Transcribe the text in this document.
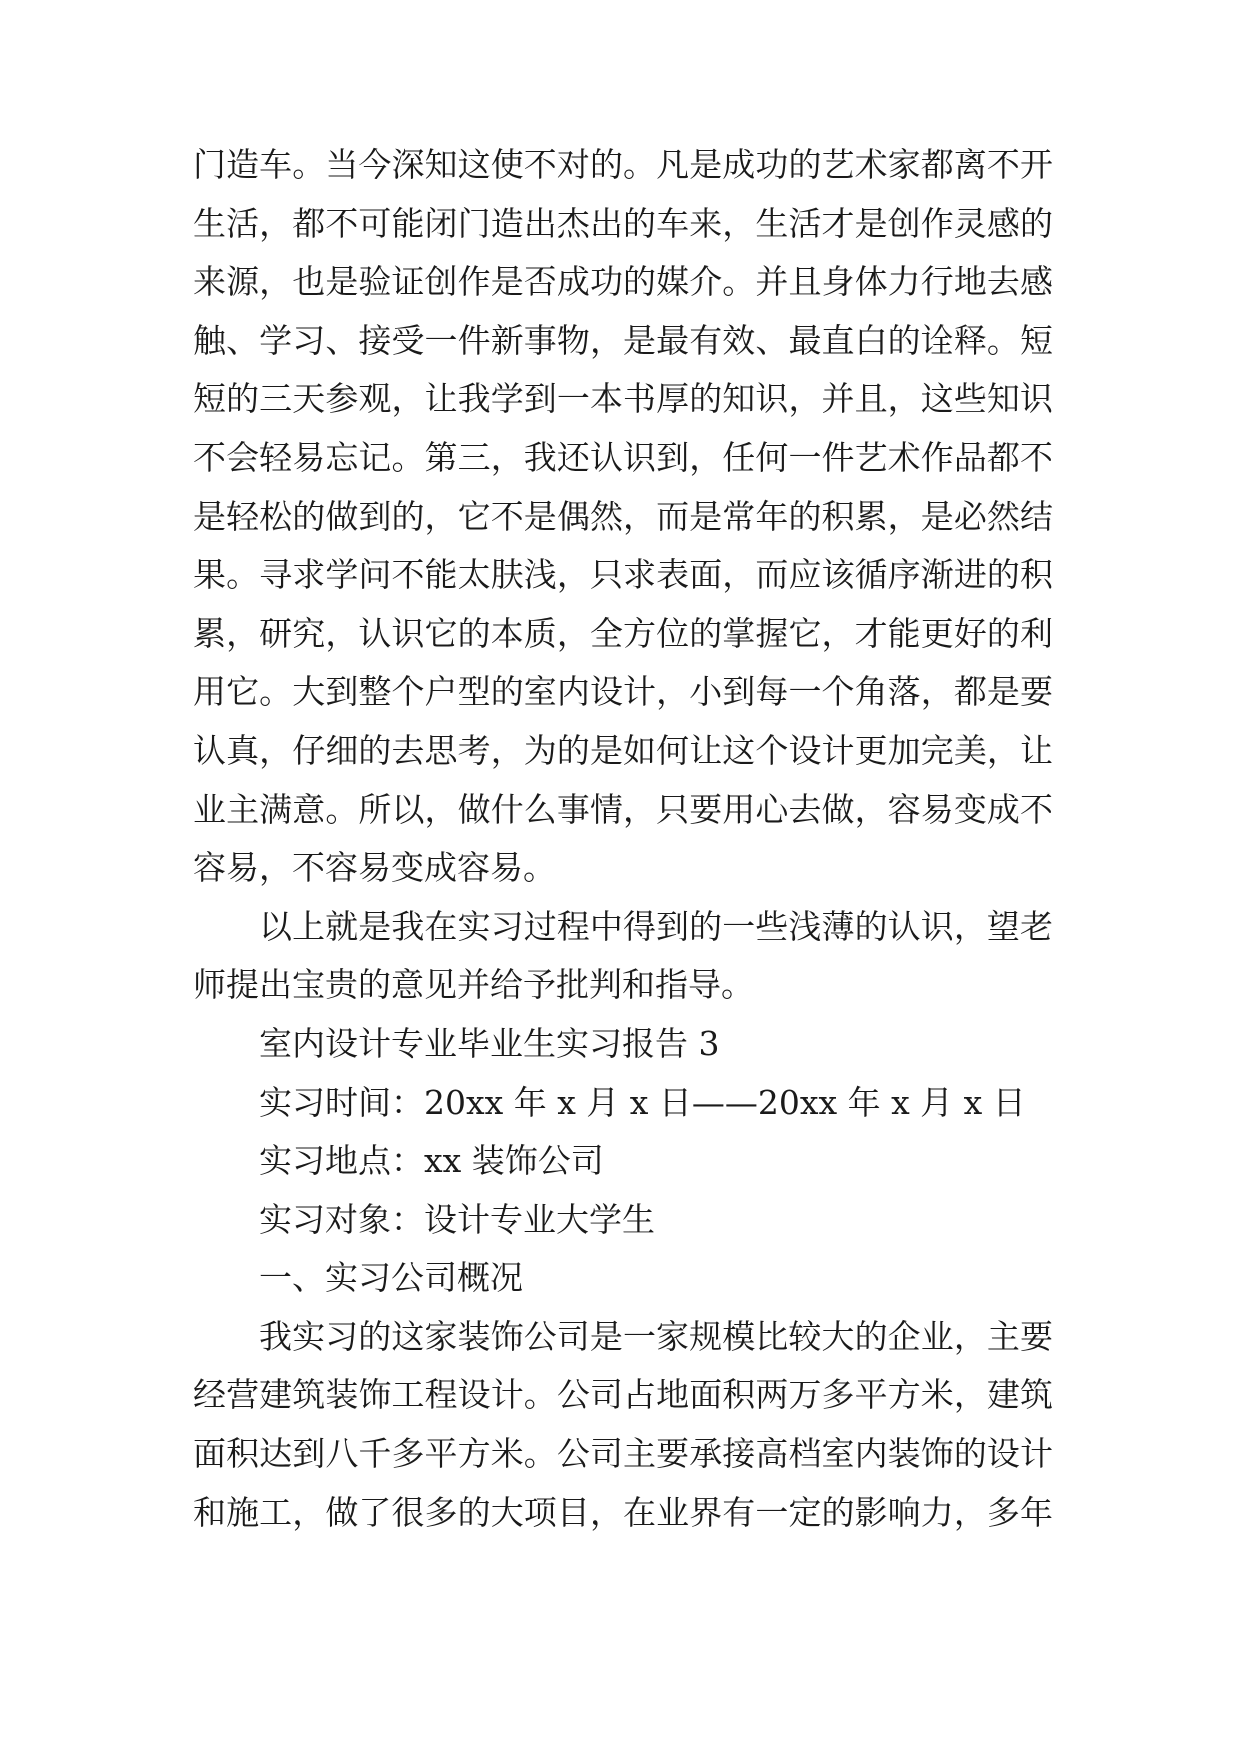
门造车。当今深知这使不对的。凡是成功的艺术家都离不开
生活，都不可能闭门造出杰出的车来，生活才是创作灵感的
来源，也是验证创作是否成功的媒介。并且身体力行地去感
触、学习、接受一件新事物，是最有效、最直白的诠释。短
短的三天参观，让我学到一本书厚的知识，并且，这些知识
不会轻易忘记。第三，我还认识到，任何一件艺术作品都不
是轻松的做到的，它不是偶然，而是常年的积累，是必然结
果。寻求学问不能太肤浅，只求表面，而应该循序渐进的积
累，研究，认识它的本质，全方位的掌握它，才能更好的利
用它。大到整个户型的室内设计，小到每一个角落，都是要
认真，仔细的去思考，为的是如何让这个设计更加完美，让
业主满意。所以，做什么事情，只要用心去做，容易变成不
容易，不容易变成容易。
以上就是我在实习过程中得到的一些浅薄的认识，望老
师提出宝贵的意见并给予批判和指导。
室内设计专业毕业生实习报告 3
实习时间：20xx 年 x 月 x 日——20xx 年 x 月 x 日
实习地点：xx 装饰公司
实习对象：设计专业大学生
一、实习公司概况
我实习的这家装饰公司是一家规模比较大的企业，主要
经营建筑装饰工程设计。公司占地面积两万多平方米，建筑
面积达到八千多平方米。公司主要承接高档室内装饰的设计
和施工，做了很多的大项目，在业界有一定的影响力，多年
